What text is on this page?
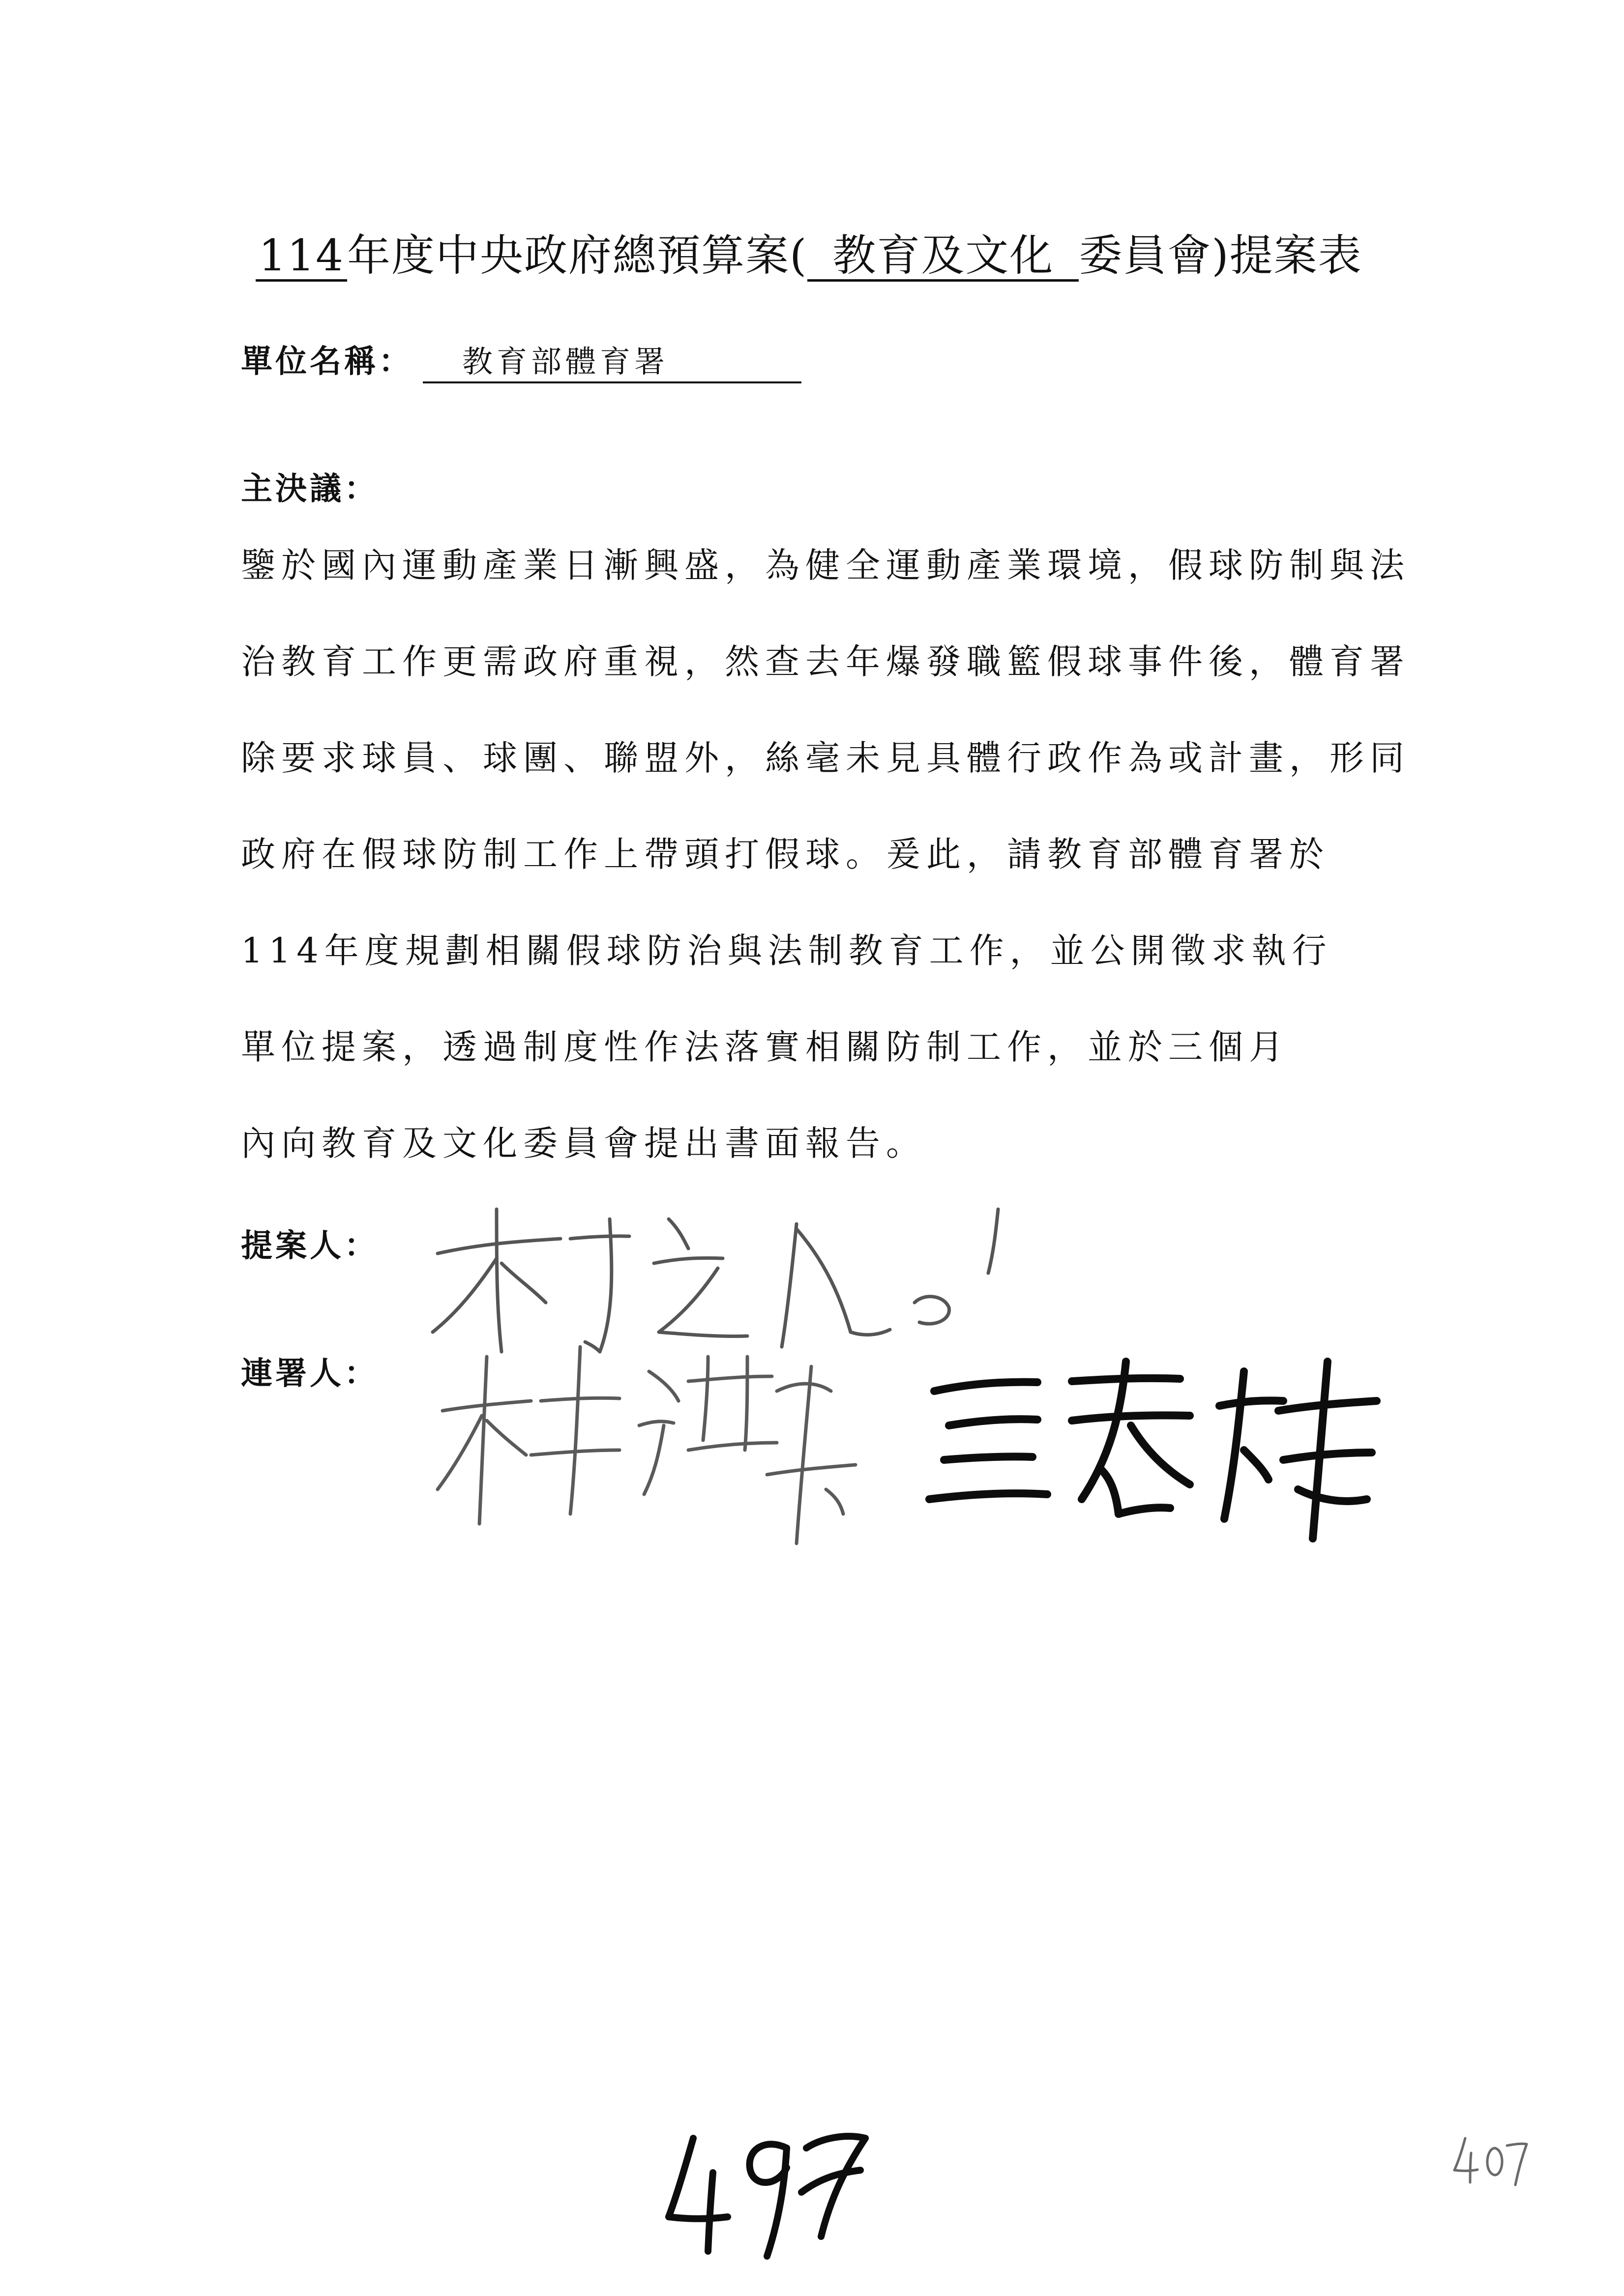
114年度中央政府總預算案( 教育及文化 委員會)提案表
單位名稱： 教育部體育署
主決議：
鑒於國內運動產業日漸興盛，為健全運動產業環境，假球防制與法
治教育工作更需政府重視，然查去年爆發職籃假球事件後，體育署
除要求球員、球團、聯盟外，絲毫未見具體行政作為或計畫，形同
政府在假球防制工作上帶頭打假球。爰此，請教育部體育署於
114年度規劃相關假球防治與法制教育工作，並公開徵求執行
單位提案，透過制度性作法落實相關防制工作，並於三個月
內向教育及文化委員會提出書面報告。
提案人：
連署人：
